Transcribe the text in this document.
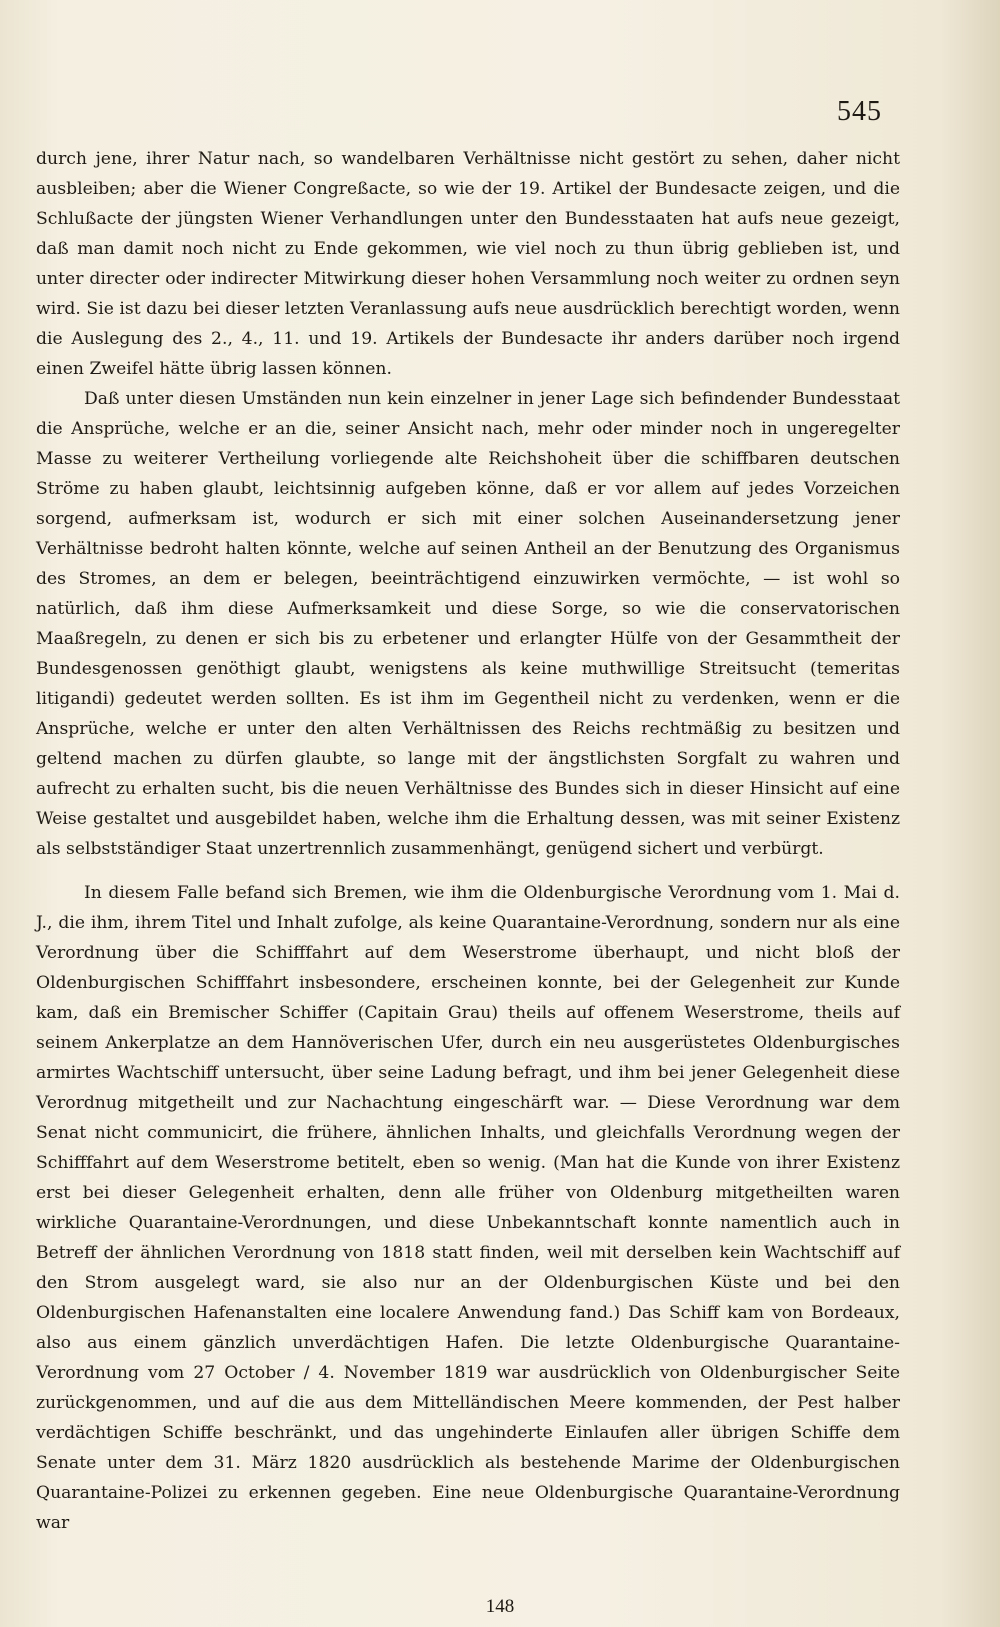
545

durch jene, ihrer Natur nach, so wandelbaren Verhältnisse nicht gestört zu sehen, daher nicht ausbleiben; aber die Wiener Congreßacte, so wie der 19. Artikel der Bundesacte zeigen, und die Schlußacte der jüngsten Wiener Verhandlungen unter den Bundesstaaten hat aufs neue gezeigt, daß man damit noch nicht zu Ende gekommen, wie viel noch zu thun übrig geblieben ist, und unter directer oder indirecter Mitwirkung dieser hohen Versammlung noch weiter zu ordnen seyn wird. Sie ist dazu bei dieser letzten Veranlassung aufs neue ausdrücklich berechtigt worden, wenn die Auslegung des 2., 4., 11. und 19. Artikels der Bundesacte ihr anders darüber noch irgend einen Zweifel hätte übrig lassen können.

Daß unter diesen Umständen nun kein einzelner in jener Lage sich befindender Bundesstaat die Ansprüche, welche er an die, seiner Ansicht nach, mehr oder minder noch in ungeregelter Masse zu weiterer Vertheilung vorliegende alte Reichshoheit über die schiffbaren deutschen Ströme zu haben glaubt, leichtsinnig aufgeben könne, daß er vor allem auf jedes Vorzeichen sorgend, aufmerksam ist, wodurch er sich mit einer solchen Auseinandersetzung jener Verhältnisse bedroht halten könnte, welche auf seinen Antheil an der Benutzung des Organismus des Stromes, an dem er belegen, beeinträchtigend einzuwirken vermöchte, — ist wohl so natürlich, daß ihm diese Aufmerksamkeit und diese Sorge, so wie die conservatorischen Maaßregeln, zu denen er sich bis zu erbetener und erlangter Hülfe von der Gesammtheit der Bundesgenossen genöthigt glaubt, wenigstens als keine muthwillige Streitsucht (temeritas litigandi) gedeutet werden sollten. Es ist ihm im Gegentheil nicht zu verdenken, wenn er die Ansprüche, welche er unter den alten Verhältnissen des Reichs rechtmäßig zu besitzen und geltend machen zu dürfen glaubte, so lange mit der ängstlichsten Sorgfalt zu wahren und aufrecht zu erhalten sucht, bis die neuen Verhältnisse des Bundes sich in dieser Hinsicht auf eine Weise gestaltet und ausgebildet haben, welche ihm die Erhaltung dessen, was mit seiner Existenz als selbstständiger Staat unzertrennlich zusammenhängt, genügend sichert und verbürgt.

In diesem Falle befand sich Bremen, wie ihm die Oldenburgische Verordnung vom 1. Mai d. J., die ihm, ihrem Titel und Inhalt zufolge, als keine Quarantaine-Verordnung, sondern nur als eine Verordnung über die Schifffahrt auf dem Weserstrome überhaupt, und nicht bloß der Oldenburgischen Schifffahrt insbesondere, erscheinen konnte, bei der Gelegenheit zur Kunde kam, daß ein Bremischer Schiffer (Capitain Grau) theils auf offenem Weserstrome, theils auf seinem Ankerplatze an dem Hannöverischen Ufer, durch ein neu ausgerüstetes Oldenburgisches armirtes Wachtschiff untersucht, über seine Ladung befragt, und ihm bei jener Gelegenheit diese Verordnug mitgetheilt und zur Nachachtung eingeschärft war. — Diese Verordnung war dem Senat nicht communicirt, die frühere, ähnlichen Inhalts, und gleichfalls Verordnung wegen der Schifffahrt auf dem Weserstrome betitelt, eben so wenig. (Man hat die Kunde von ihrer Existenz erst bei dieser Gelegenheit erhalten, denn alle früher von Oldenburg mitgetheilten waren wirkliche Quarantaine-Verordnungen, und diese Unbekanntschaft konnte namentlich auch in Betreff der ähnlichen Verordnung von 1818 statt finden, weil mit derselben kein Wachtschiff auf den Strom ausgelegt ward, sie also nur an der Oldenburgischen Küste und bei den Oldenburgischen Hafenanstalten eine localere Anwendung fand.) Das Schiff kam von Bordeaux, also aus einem gänzlich unverdächtigen Hafen. Die letzte Oldenburgische Quarantaine-Verordnung vom 27 October / 4. November 1819 war ausdrücklich von Oldenburgischer Seite zurückgenommen, und auf die aus dem Mittelländischen Meere kommenden, der Pest halber verdächtigen Schiffe beschränkt, und das ungehinderte Einlaufen aller übrigen Schiffe dem Senate unter dem 31. März 1820 ausdrücklich als bestehende Marime der Oldenburgischen Quarantaine-Polizei zu erkennen gegeben. Eine neue Oldenburgische Quarantaine-Verordnung war

148
